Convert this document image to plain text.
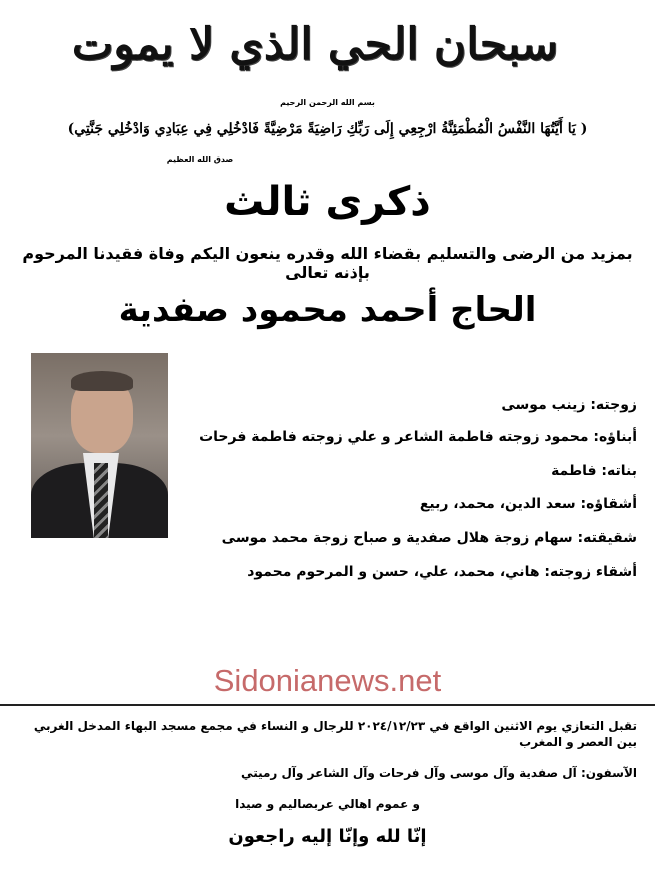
سبحان الحي الذي لا يموت
بسم الله الرحمن الرحيم
( يَا أَيَّتُهَا النَّفْسُ الْمُطْمَئِنَّةُ ارْجِعِي إِلَى رَبِّكِ رَاضِيَةً مَرْضِيَّةً فَادْخُلِي فِي عِبَادِي وَادْخُلِي جَنَّتِي)
صدق الله العظيم
ذكرى ثالث
بمزيد من الرضى والتسليم بقضاء الله وقدره ينعون اليكم وفاة فقيدنا المرحوم بإذنه تعالى
الحاج أحمد محمود صفدية
زوجته: زينب موسى
أبناؤه: محمود زوجته فاطمة الشاعر و علي زوجته فاطمة فرحات
بناته: فاطمة
أشقاؤه: سعد الدين، محمد، ربيع
شقيقته: سهام زوجة هلال صفدية و صباح زوجة محمد موسى
أشقاء زوجته: هاني، محمد، علي، حسن و المرحوم محمود
Sidonianews.net
تقبل التعازي يوم الاثنين الواقع في ٢٠٢٤/١٢/٢٣ للرجال و النساء في مجمع مسجد البهاء المدخل الغربي بين العصر و المغرب
الآسفون: آل صفدية وآل موسى وآل فرحات وآل الشاعر وآل رميتي
و عموم اهالي عربصاليم و صيدا
إنّا لله وإنّا إليه راجعون
